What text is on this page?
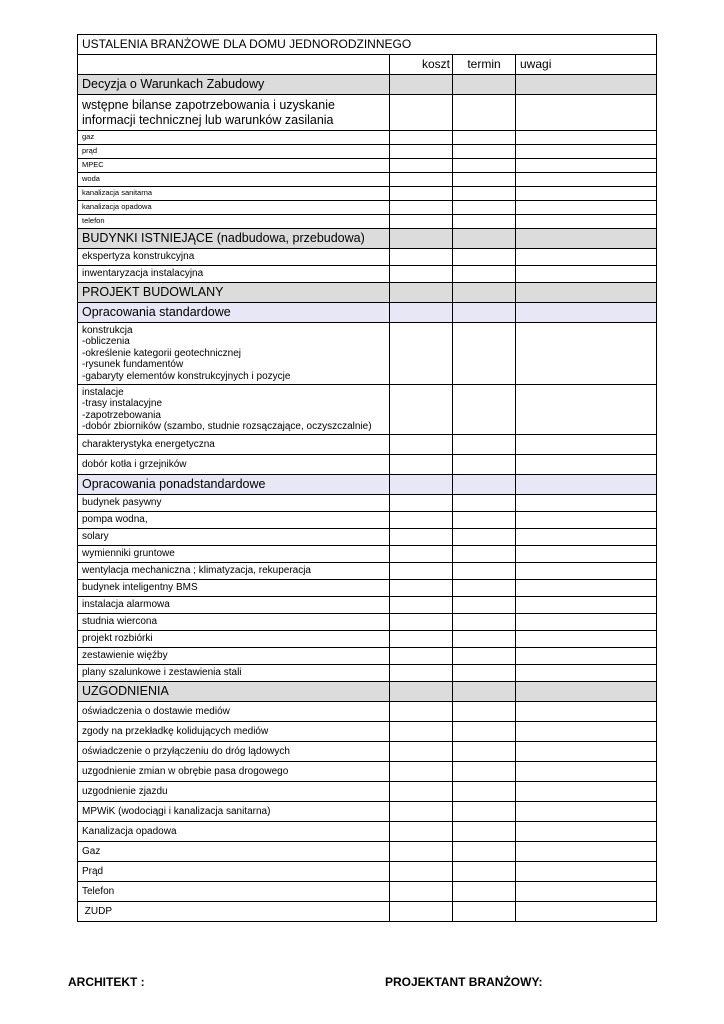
USTALENIA BRANŻOWE DLA DOMU JEDNORODZINNEGO			
	koszt	termin	uwagi
Decyzja o Warunkach Zabudowy			
wstępne bilanse zapotrzebowania i uzyskanie informacji technicznej lub warunków zasilania			
gaz			
prąd			
MPEC			
woda			
kanalizacja sanitarna			
kanalizacja opadowa			
telefon			
BUDYNKI ISTNIEJĄCE (nadbudowa, przebudowa)			
ekspertyza konstrukcyjna			
inwentaryzacja instalacyjna			
PROJEKT BUDOWLANY			
Opracowania standardowe			
konstrukcja
-obliczenia
-określenie kategorii geotechnicznej
-rysunek fundamentów
-gabaryty elementów konstrukcyjnych i pozycje			
instalacje
-trasy instalacyjne
-zapotrzebowania
-dobór zbiorników (szambo, studnie rozsączające, oczyszczalnie)			
charakterystyka energetyczna			
dobór kotła i grzejników			
Opracowania ponadstandardowe			
budynek pasywny			
pompa wodna,			
solary			
wymienniki gruntowe			
wentylacja mechaniczna ; klimatyzacja, rekuperacja			
budynek inteligentny BMS			
instalacja alarmowa			
studnia wiercona			
projekt rozbiórki			
zestawienie więźby			
plany szalunkowe i zestawienia stali			
UZGODNIENIA			
oświadczenia o dostawie mediów			
zgody na przekładkę kolidujących mediów			
oświadczenie o przyłączeniu do dróg lądowych			
uzgodnienie zmian w obrębie pasa drogowego			
uzgodnienie zjazdu			
MPWiK (wodociągi i kanalizacja sanitarna)			
Kanalizacja opadowa			
Gaz			
Prąd			
Telefon			
ZUDP			
ARCHITEKT :	PROJEKTANT BRANŻOWY:
